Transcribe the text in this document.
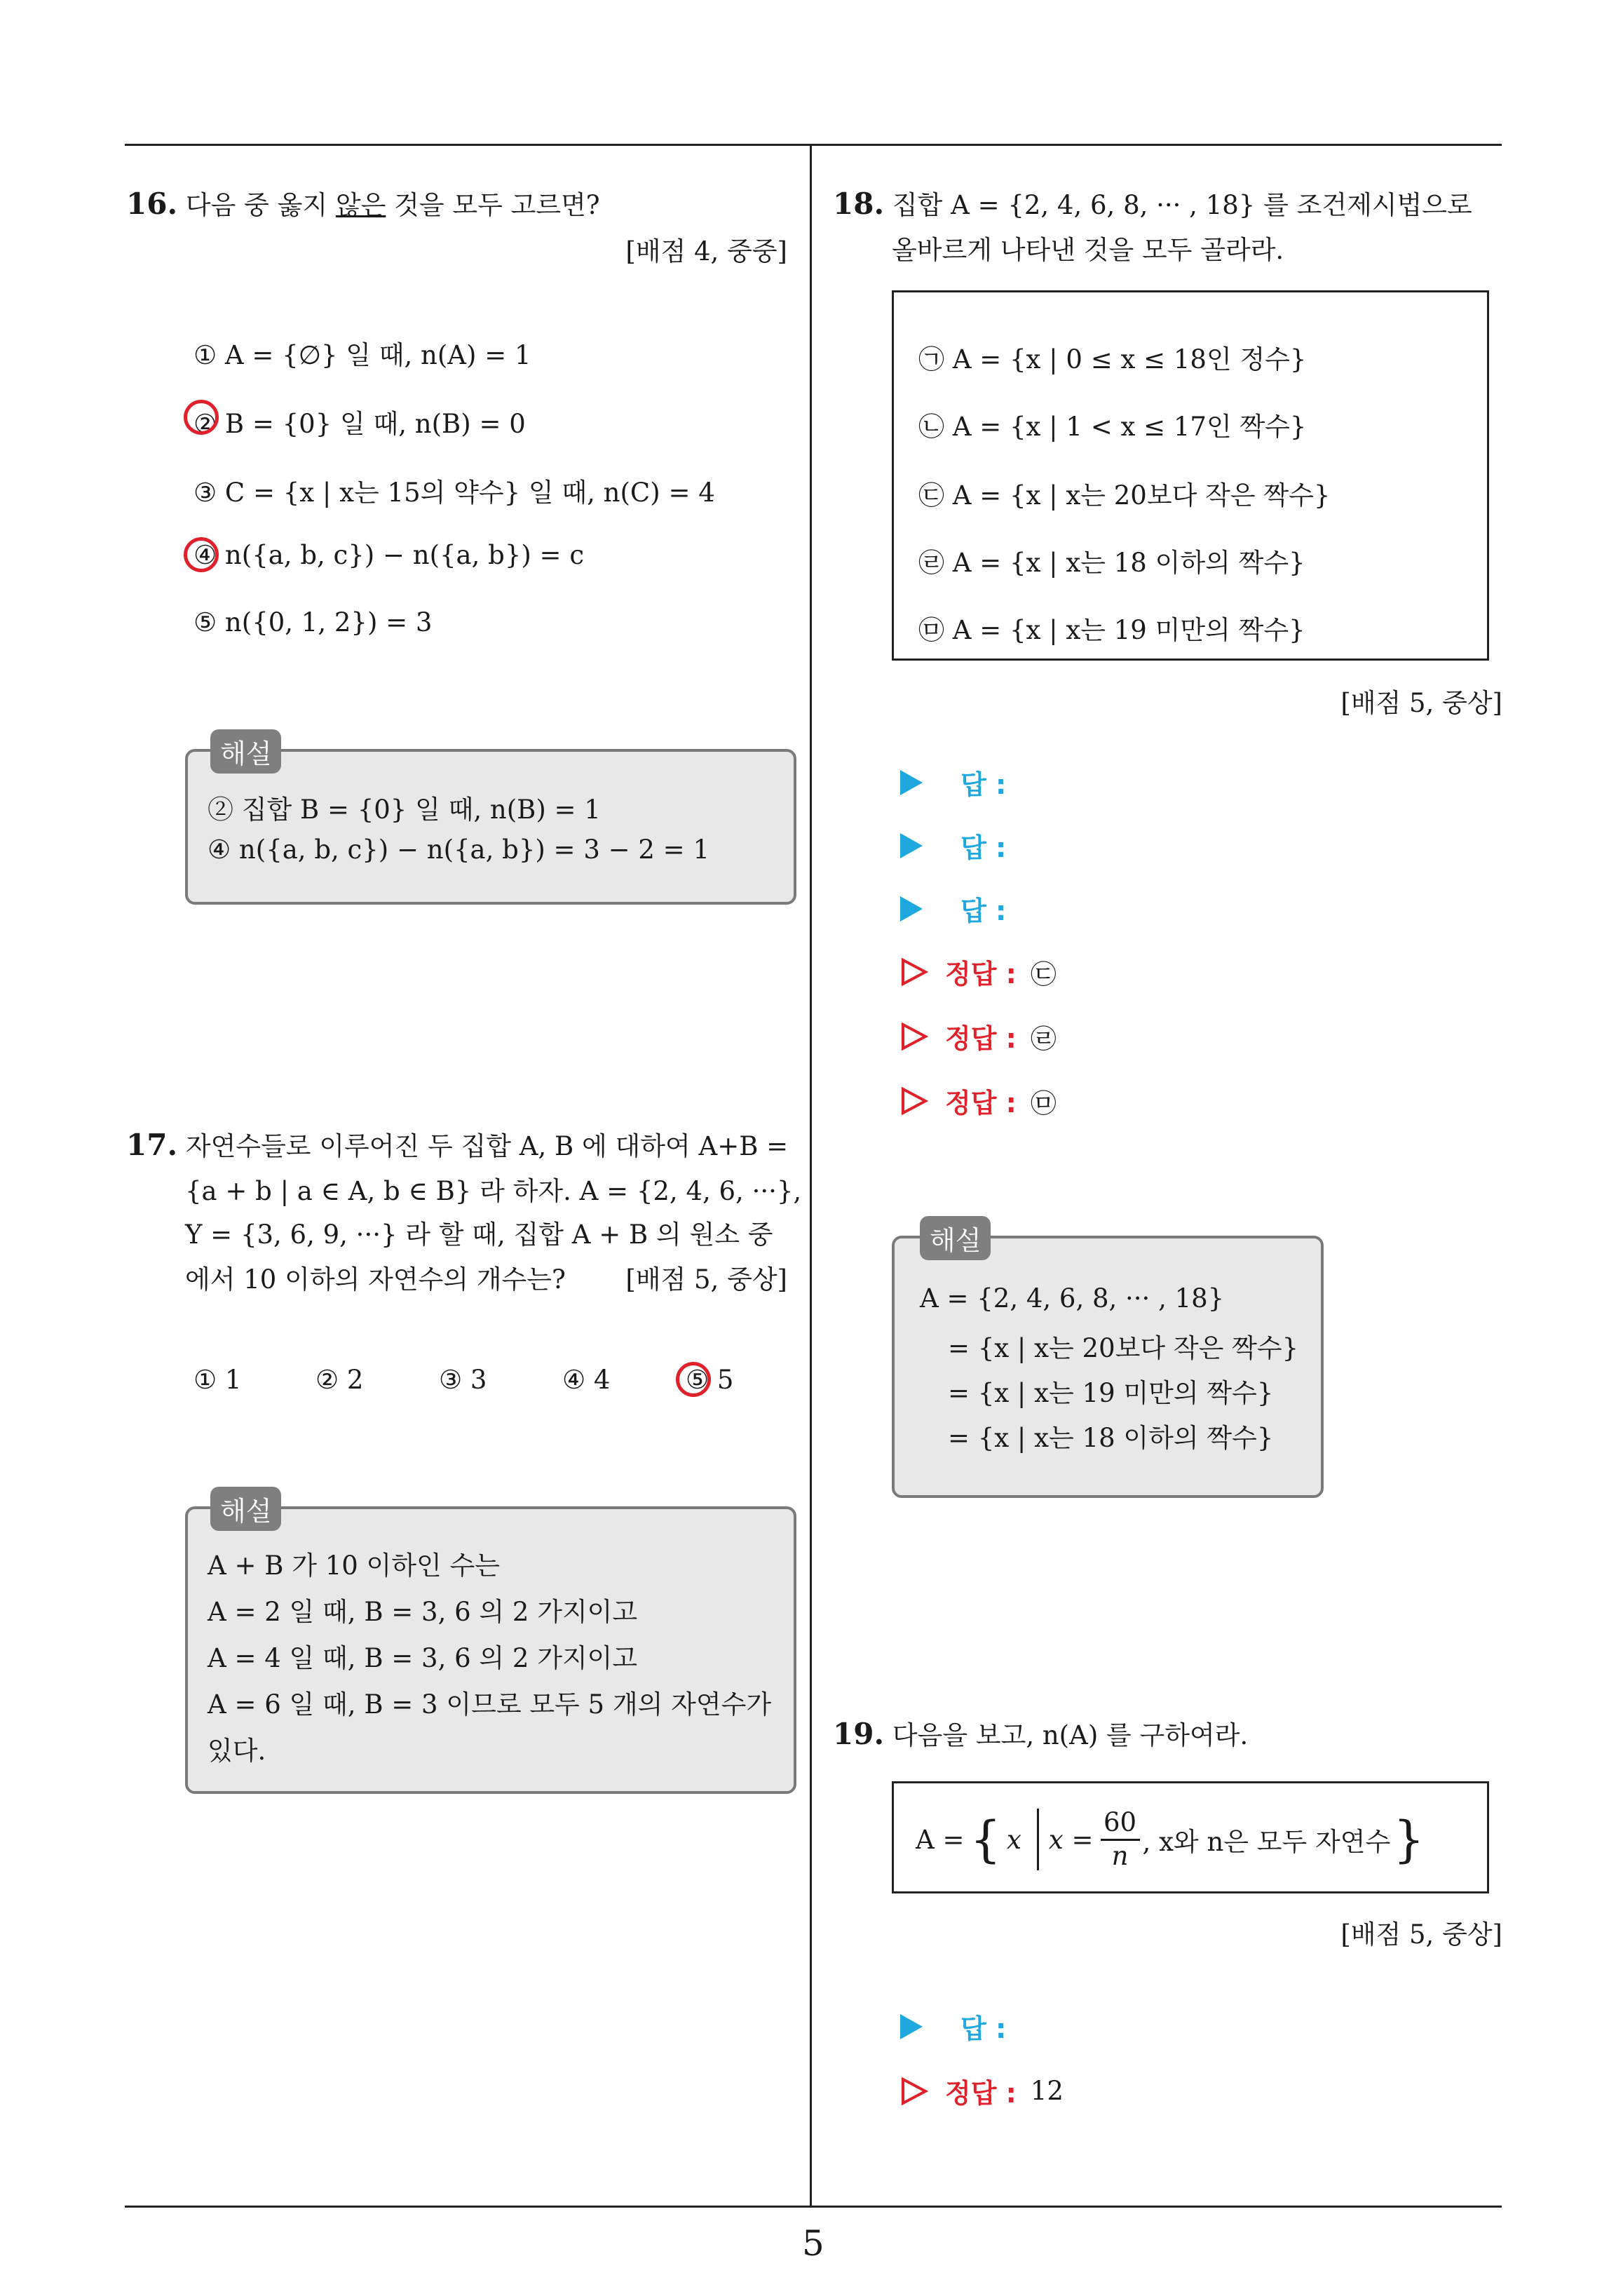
16. 다음 중 옳지 않은 것을 모두 고르면?
[배점 4, 중중]
① A = {∅} 일 때, n(A) = 1
② B = {0} 일 때, n(B) = 0
③ C = {x | x는 15의 약수} 일 때, n(C) = 4
④ n({a, b, c}) − n({a, b}) = c
⑤ n({0, 1, 2}) = 3
해설
② 집합 B = {0} 일 때, n(B) = 1
④ n({a, b, c}) − n({a, b}) = 3 − 2 = 1
17. 자연수들로 이루어진 두 집합 A, B 에 대하여 A+B =
{a + b | a ∈ A, b ∈ B} 라 하자. A = {2, 4, 6, ···},
Y = {3, 6, 9, ···} 라 할 때, 집합 A + B 의 원소 중
에서 10 이하의 자연수의 개수는? [배점 5, 중상]
① 1	② 2	③ 3	④ 4	⑤ 5
해설
A + B 가 10 이하인 수는
A = 2 일 때, B = 3, 6 의 2 가지이고
A = 4 일 때, B = 3, 6 의 2 가지이고
A = 6 일 때, B = 3 이므로 모두 5 개의 자연수가
있다.
18. 집합 A = {2, 4, 6, 8, ··· , 18} 를 조건제시법으로
올바르게 나타낸 것을 모두 골라라.
㉠ A = {x | 0 ≤ x ≤ 18인 정수}
㉡ A = {x | 1 < x ≤ 17인 짝수}
㉢ A = {x | x는 20보다 작은 짝수}
㉣ A = {x | x는 18 이하의 짝수}
㉤ A = {x | x는 19 미만의 짝수}
[배점 5, 중상]
답 :
답 :
답 :
정답 : ㉢
정답 : ㉣
정답 : ㉤
해설
A = {2, 4, 6, 8, ··· , 18}
= {x | x는 20보다 작은 짝수}
= {x | x는 19 미만의 짝수}
= {x | x는 18 이하의 짝수}
19. 다음을 보고, n(A) 를 구하여라.
A = { x x =
60
n , x와 n은 모두 자연수 }
[배점 5, 중상]
답 :
정답 : 12
5
